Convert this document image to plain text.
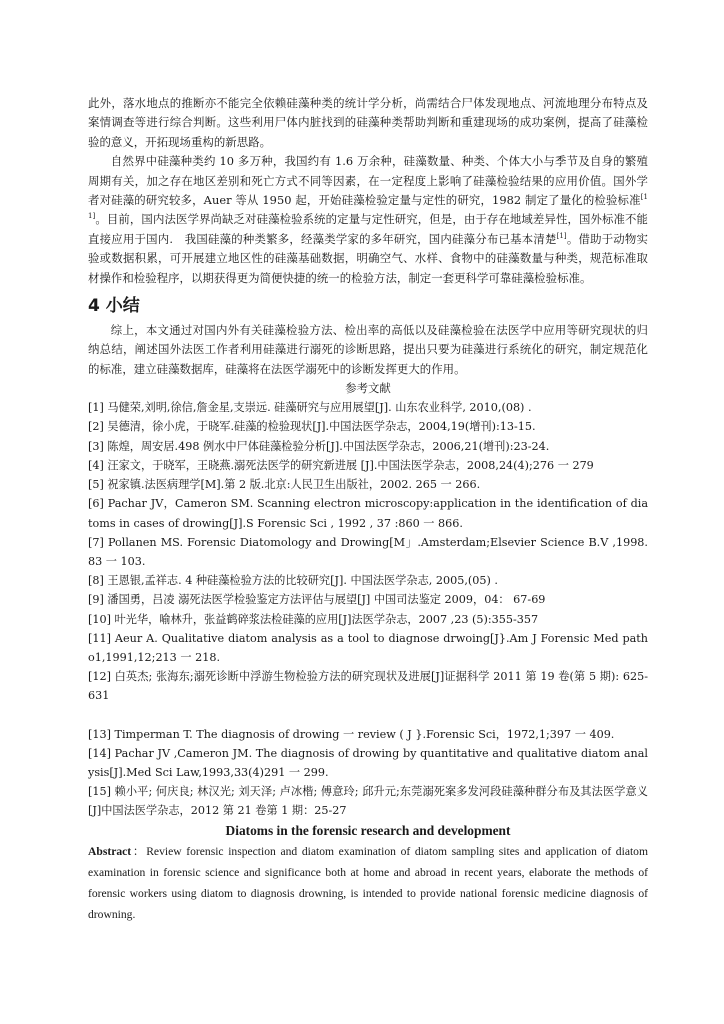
此外，落水地点的推断亦不能完全依赖硅藻种类的统计学分析，尚需结合尸体发现地点、河流地理分布特点及案情调查等进行综合判断。这些利用尸体内脏找到的硅藻种类帮助判断和重建现场的成功案例，提高了硅藻检验的意义，开拓现场重构的新思路。

自然界中硅藻种类约 10 多万种，我国约有 1.6 万余种，硅藻数量、种类、个体大小与季节及自身的繁殖周期有关，加之存在地区差别和死亡方式不同等因素，在一定程度上影响了硅藻检验结果的应用价值。国外学者对硅藻的研究较多，Auer 等从 1950 起，开始硅藻检验定量与定性的研究，1982 制定了量化的检验标准[11]。目前，国内法医学界尚缺乏对硅藻检验系统的定量与定性研究，但是，由于存在地域差异性，国外标准不能直接应用于国内.　我国硅藻的种类繁多，经藻类学家的多年研究，国内硅藻分布已基本清楚[1]。借助于动物实验或数据积累，可开展建立地区性的硅藻基础数据，明确空气、水样、食物中的硅藻数量与种类，规范标准取材操作和检验程序，以期获得更为简便快捷的统一的检验方法，制定一套更科学可靠硅藻检验标准。

4 小结

综上，本文通过对国内外有关硅藻检验方法、检出率的高低以及硅藻检验在法医学中应用等研究现状的归纳总结，阐述国外法医工作者利用硅藻进行溺死的诊断思路，提出只要为硅藻进行系统化的研究，制定规范化的标准，建立硅藻数据库，硅藻将在法医学溺死中的诊断发挥更大的作用。

参考文献

[1] 马健荣,刘明,徐信,詹金星,支崇远. 硅藻研究与应用展望[J]. 山东农业科学, 2010,(08) .

[2] 吴德清，徐小虎，于晓军.硅藻的检验现状[J].中国法医学杂志，2004,19(增刊):13-15.

[3] 陈煌，周安居.498 例水中尸体硅藻检验分析[J].中国法医学杂志，2006,21(增刊):23-24.

[4] 汪家文，于晓军，王晓燕.溺死法医学的研究新进展 [J].中国法医学杂志，2008,24(4);276 一 279

[5] 祝家镇.法医病理学[M].第 2 版.北京:人民卫生出版社，2002. 265 一 266.

[6] Pachar JV，Cameron SM. Scanning electron microscopy:application in the identification of diatoms in cases of drowing[J].S Forensic Sci , 1992 , 37 :860 一 866.

[7] Pollanen MS. Forensic Diatomology and Drowing[M」.Amsterdam;Elsevier Science B.V ,1998. 83 一 103.

[8] 王恩银,孟祥志. 4 种硅藻检验方法的比较研究[J]. 中国法医学杂志, 2005,(05) .

[9] 潘国勇，吕凌 溺死法医学检验鉴定方法评估与展望[J] 中国司法鉴定 2009，04： 67-69

[10] 叶光华，喻林升，张益鹤碎浆法检硅藻的应用[J]法医学杂志，2007 ,23 (5):355-357

[11] Aeur A. Qualitative diatom analysis as a tool to diagnose drwoing[J}.Am J Forensic Med patho1,1991,12;213 一 218.

[12] 白英杰; 张海东;溺死诊断中浮游生物检验方法的研究现状及进展[J]证据科学 2011 第 19 卷(第 5 期): 625-631

[13] Timperman T. The diagnosis of drowing 一 review ( J }.Forensic Sci，1972,1;397 一 409.

[14] Pachar JV ,Cameron JM. The diagnosis of drowing by quantitative and qualitative diatom analysis[J].Med Sci Law,1993,33(4)291 一 299.

[15] 赖小平; 何庆良; 林汉光; 刘天泽; 卢冰楷; 傅意玲; 邱升元;东莞溺死案多发河段硅藻种群分布及其法医学意义[J]中国法医学杂志，2012 第 21 卷第 1 期：25-27

Diatoms in the forensic research and development

Abstract：Review forensic inspection and diatom examination of diatom sampling sites and application of diatom examination in forensic science and significance both at home and abroad in recent years, elaborate the methods of forensic workers using diatom to diagnosis drowning, is intended to provide national forensic medicine diagnosis of drowning.
